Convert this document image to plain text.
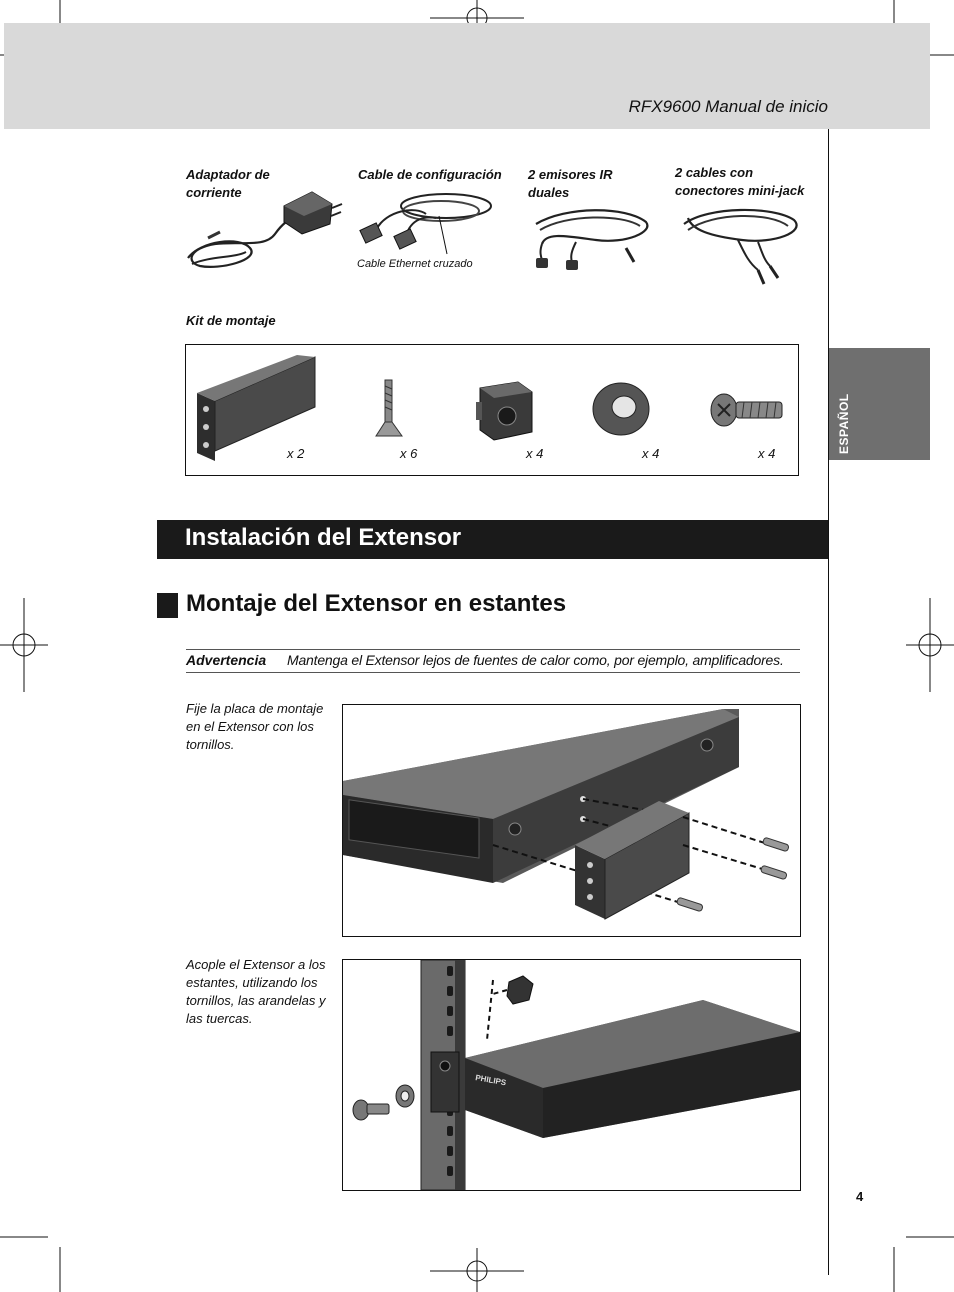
RFX9600 Manual de inicio
ESPAÑOL
Adaptador de corriente
Cable de configuración	2 emisores IR duales
2 cables con conectores mini-jack
Cable Ethernet cruzado
Kit de montaje
x 2	x 6	x 4	x 4	x 4
Instalación del Extensor
Montaje del Extensor en estantes
Advertencia Mantenga el Extensor lejos de fuentes de calor como, por ejemplo, amplificadores.
Fije la placa de montaje en el Extensor con los tornillos.
Acople el Extensor a los estantes, utilizando los tornillos, las arandelas y las tuercas.
PHILIPS
4
